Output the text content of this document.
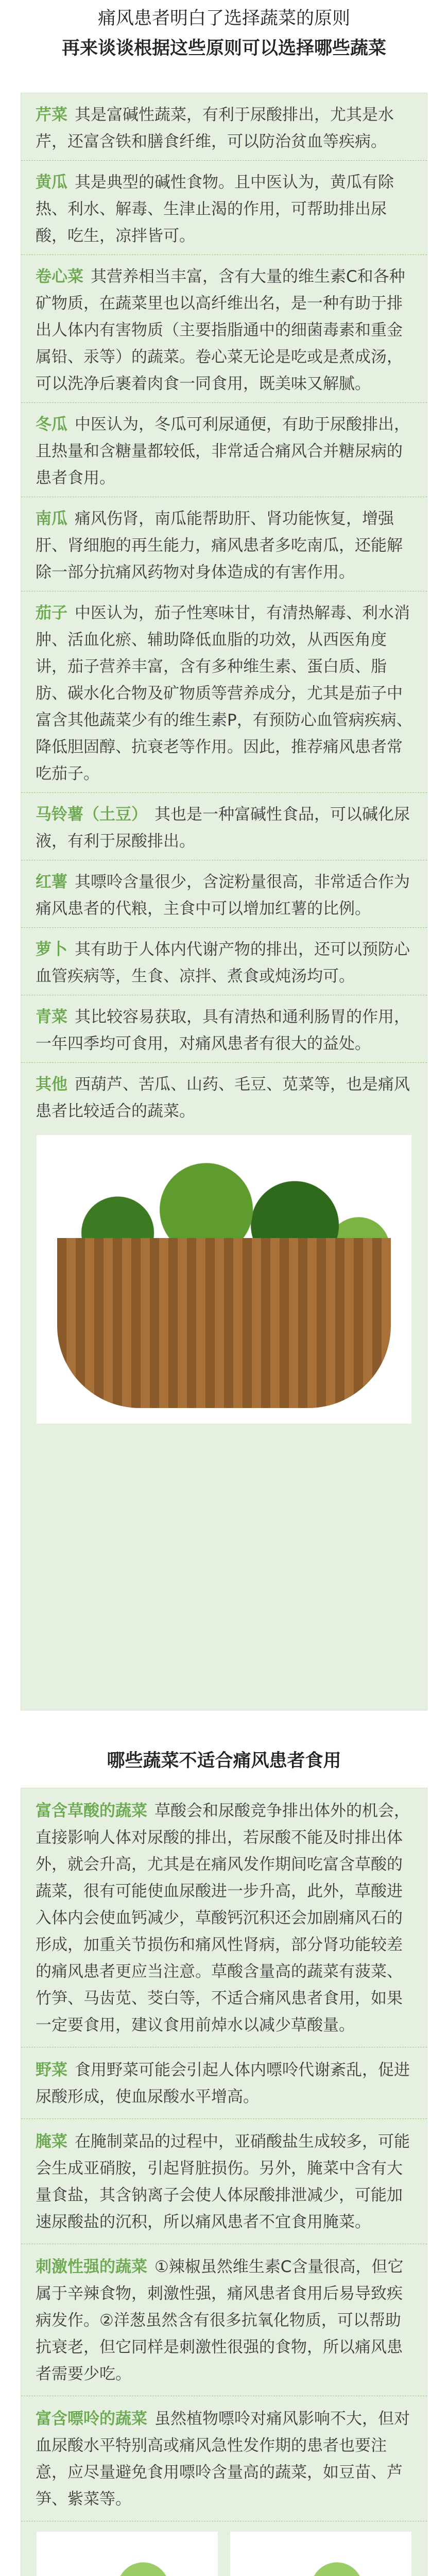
痛风患者明白了选择蔬菜的原则
再来谈谈根据这些原则可以选择哪些蔬菜
芹菜 其是富碱性蔬菜，有利于尿酸排出，尤其是水芹，还富含铁和膳食纤维，可以防治贫血等疾病。
黄瓜 其是典型的碱性食物。且中医认为，黄瓜有除热、利水、解毒、生津止渴的作用，可帮助排出尿酸，吃生，凉拌皆可。
卷心菜 其营养相当丰富，含有大量的维生素C和各种矿物质，在蔬菜里也以高纤维出名，是一种有助于排出人体内有害物质（主要指脂通中的细菌毒素和重金属铅、汞等）的蔬菜。卷心菜无论是吃或是煮成汤，可以洗净后裹着肉食一同食用，既美味又解腻。
冬瓜 中医认为，冬瓜可利尿通便，有助于尿酸排出，且热量和含糖量都较低，非常适合痛风合并糖尿病的患者食用。
南瓜 痛风伤肾，南瓜能帮助肝、肾功能恢复，增强肝、肾细胞的再生能力，痛风患者多吃南瓜，还能解除一部分抗痛风药物对身体造成的有害作用。
茄子 中医认为，茄子性寒味甘，有清热解毒、利水消肿、活血化瘀、辅助降低血脂的功效，从西医角度讲，茄子营养丰富，含有多种维生素、蛋白质、脂肪、碳水化合物及矿物质等营养成分，尤其是茄子中富含其他蔬菜少有的维生素P，有预防心血管病疾病、降低胆固醇、抗衰老等作用。因此，推荐痛风患者常吃茄子。
马铃薯（土豆） 其也是一种富碱性食品，可以碱化尿液，有利于尿酸排出。
红薯 其嘌呤含量很少，含淀粉量很高，非常适合作为痛风患者的代粮，主食中可以增加红薯的比例。
萝卜 其有助于人体内代谢产物的排出，还可以预防心血管疾病等，生食、凉拌、煮食或炖汤均可。
青菜 其比较容易获取，具有清热和通利肠胃的作用，一年四季均可食用，对痛风患者有很大的益处。
其他 西葫芦、苦瓜、山药、毛豆、苋菜等，也是痛风患者比较适合的蔬菜。
哪些蔬菜不适合痛风患者食用
富含草酸的蔬菜 草酸会和尿酸竞争排出体外的机会，直接影响人体对尿酸的排出，若尿酸不能及时排出体外，就会升高，尤其是在痛风发作期间吃富含草酸的蔬菜，很有可能使血尿酸进一步升高，此外，草酸进入体内会使血钙减少，草酸钙沉积还会加剧痛风石的形成，加重关节损伤和痛风性肾病，部分肾功能较差的痛风患者更应当注意。草酸含量高的蔬菜有菠菜、竹笋、马齿苋、茭白等，不适合痛风患者食用，如果一定要食用，建议食用前焯水以减少草酸量。
野菜 食用野菜可能会引起人体内嘌呤代谢紊乱，促进尿酸形成，使血尿酸水平增高。
腌菜 在腌制菜品的过程中，亚硝酸盐生成较多，可能会生成亚硝胺，引起肾脏损伤。另外，腌菜中含有大量食盐，其含钠离子会使人体尿酸排泄减少，可能加速尿酸盐的沉积，所以痛风患者不宜食用腌菜。
刺激性强的蔬菜 ①辣椒虽然维生素C含量很高，但它属于辛辣食物，刺激性强，痛风患者食用后易导致疾病发作。②洋葱虽然含有很多抗氧化物质，可以帮助抗衰老，但它同样是刺激性很强的食物，所以痛风患者需要少吃。
富含嘌呤的蔬菜 虽然植物嘌呤对痛风影响不大，但对血尿酸水平特别高或痛风急性发作期的患者也要注意，应尽量避免食用嘌呤含量高的蔬菜，如豆苗、芦笋、紫菜等。
